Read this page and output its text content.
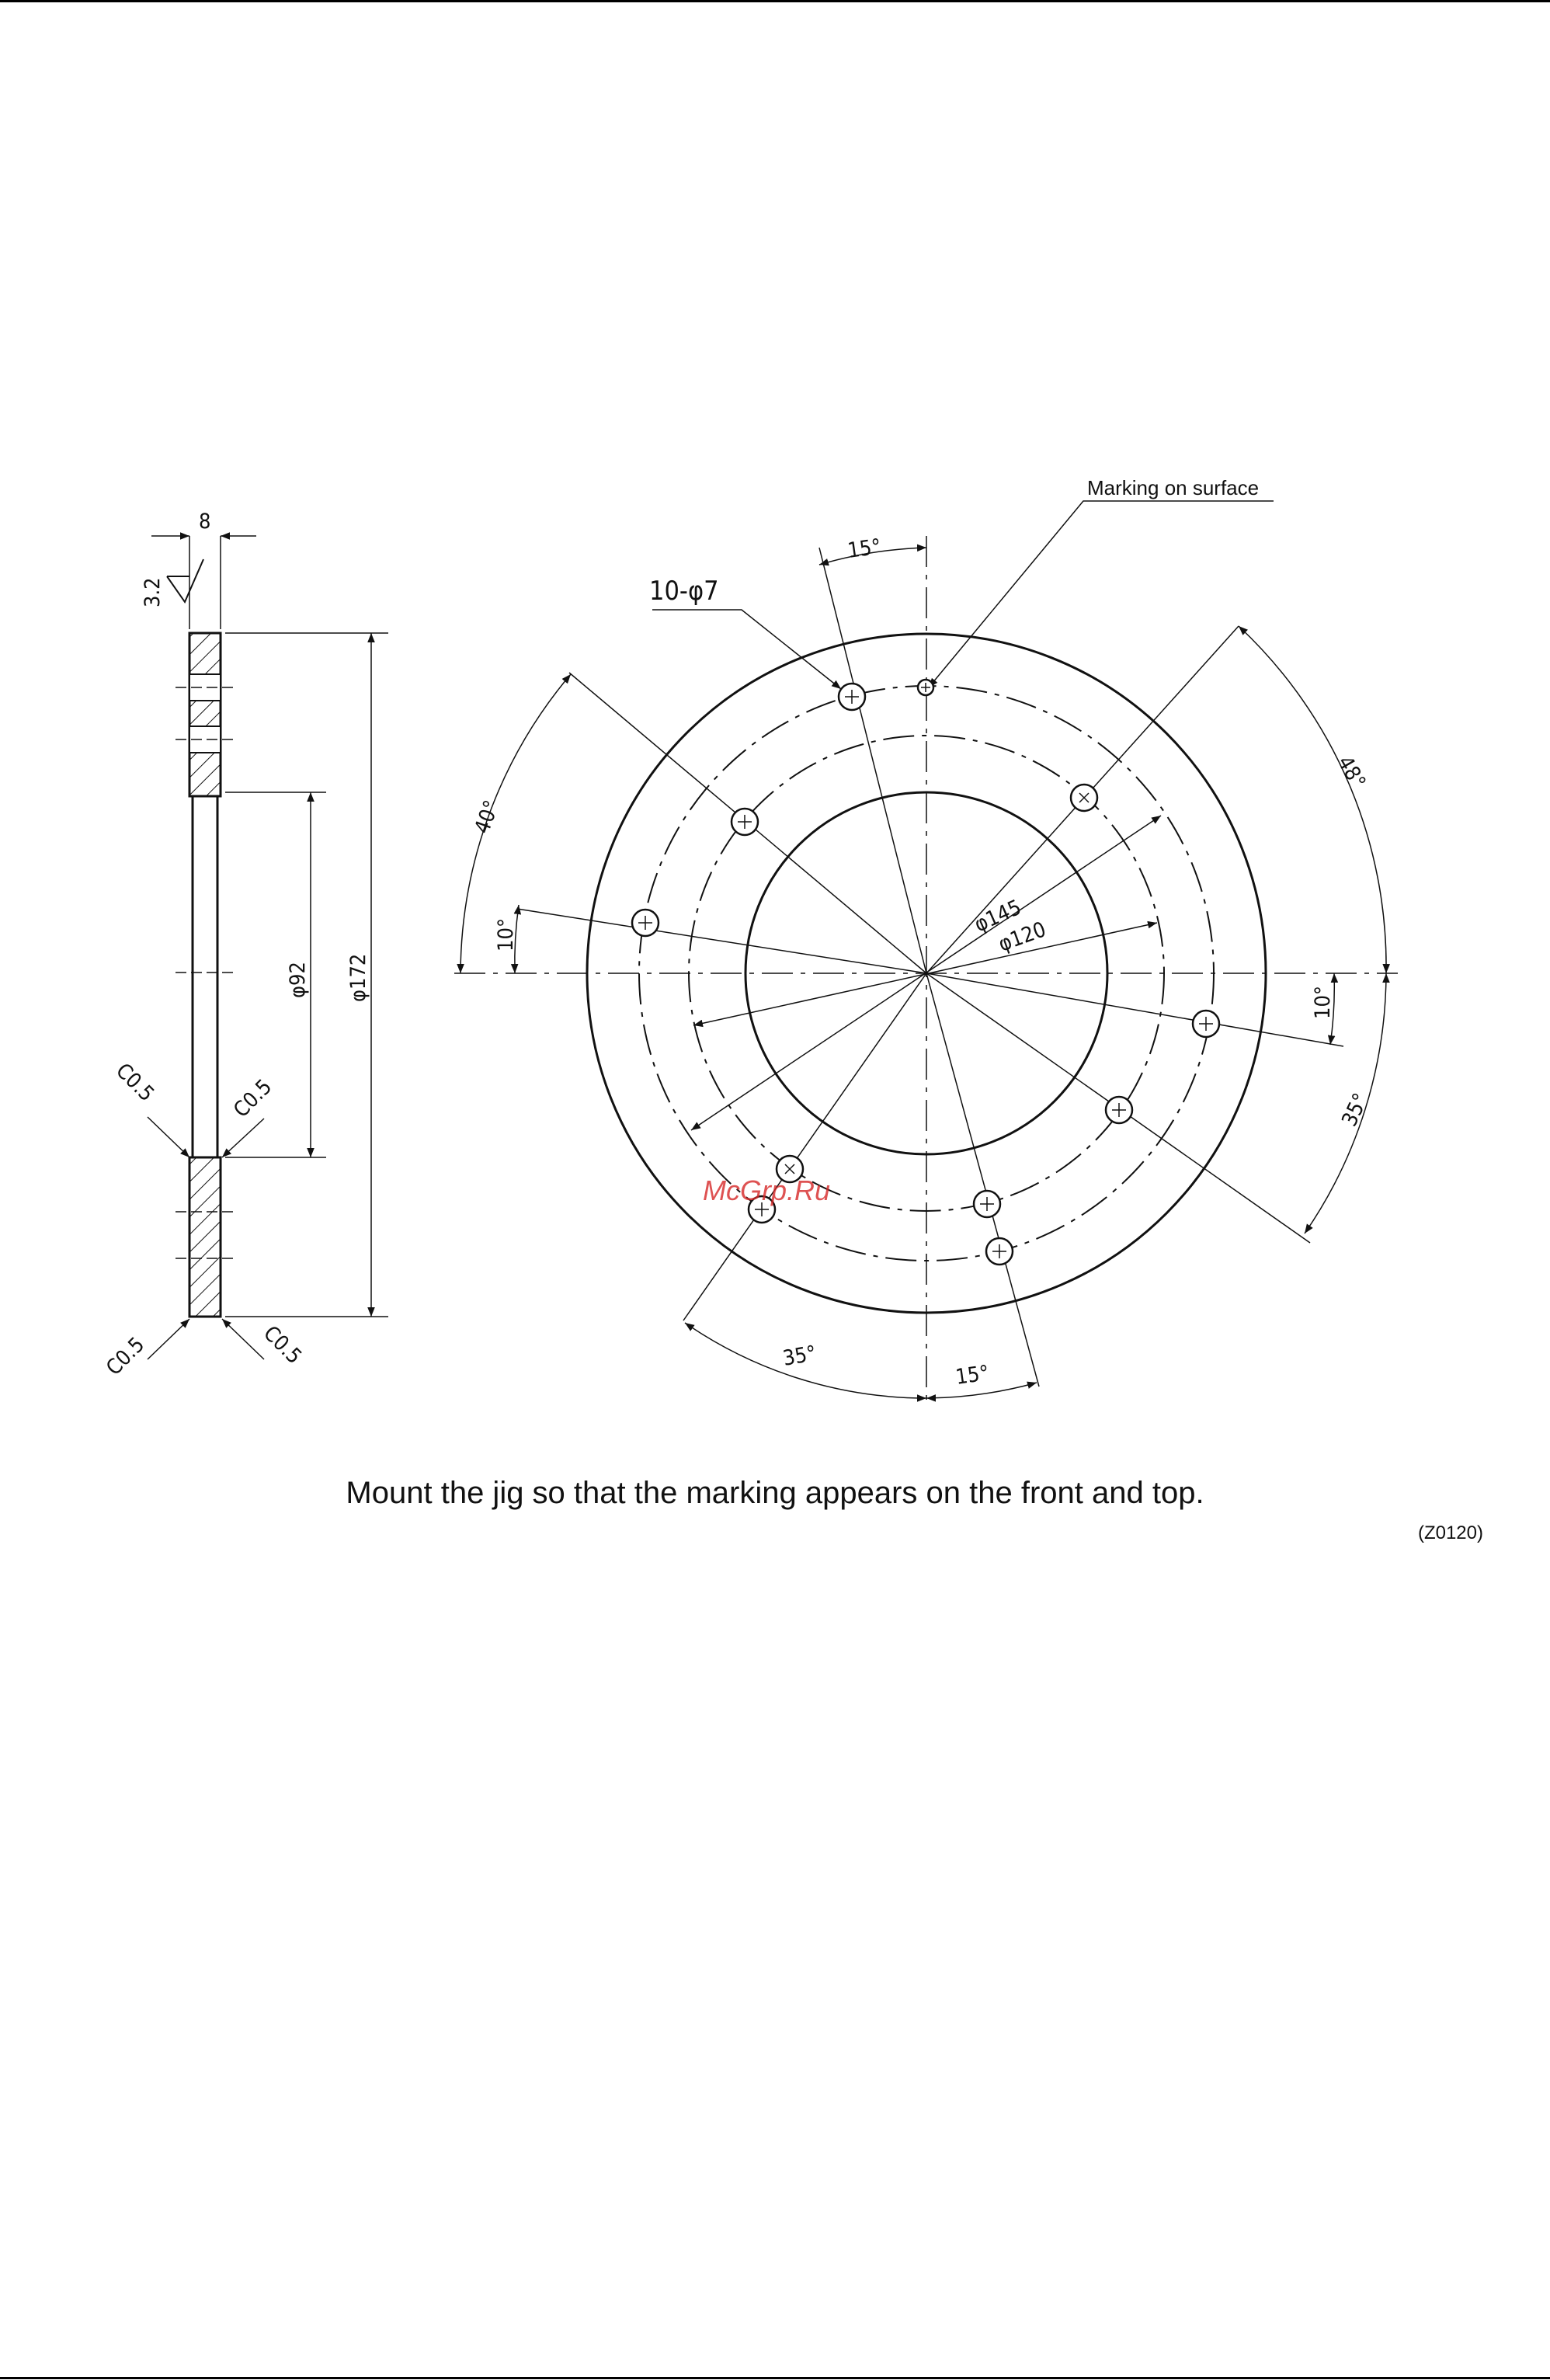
8
3.2
φ172
φ92
C0.5	C0.5
C0.5	C0.5
Marking on surface
10-φ7
φ145
φ120
15°
40°
10°
48°
10°
35°
35°
15°
McGrp.Ru
Mount the jig so that the marking appears on the front and top.
(Z0120)
